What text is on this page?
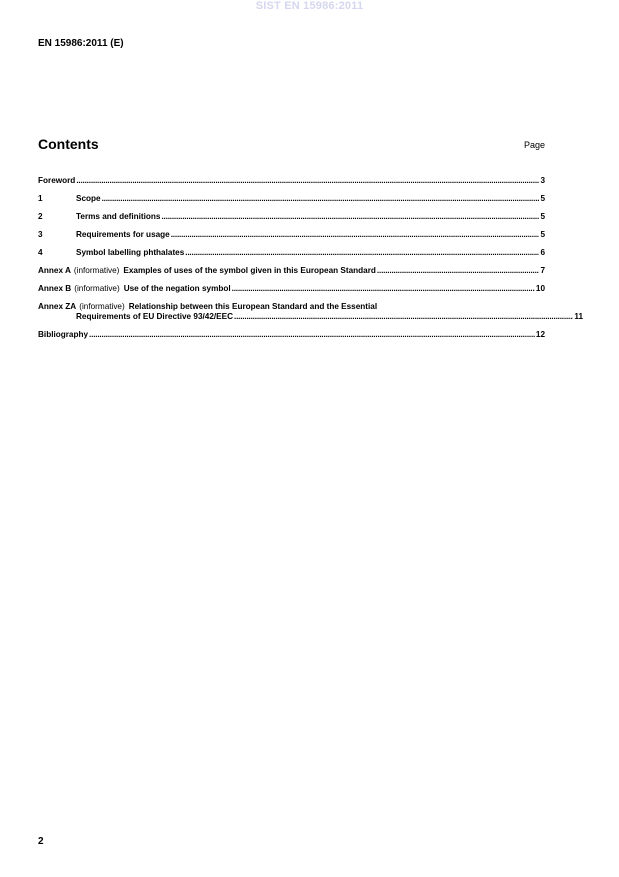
SIST EN 15986:2011
EN 15986:2011 (E)
Contents	Page
Foreword .....	3
1	Scope .....	5
2	Terms and definitions .....	5
3	Requirements for usage .....	5
4	Symbol labelling phthalates .....	6
Annex A (informative) Examples of uses of the symbol given in this European Standard .....	7
Annex B (informative) Use of the negation symbol .....	10
Annex ZA (informative) Relationship between this European Standard and the Essential
Requirements of EU Directive 93/42/EEC .....	11
Bibliography .....	12
2
